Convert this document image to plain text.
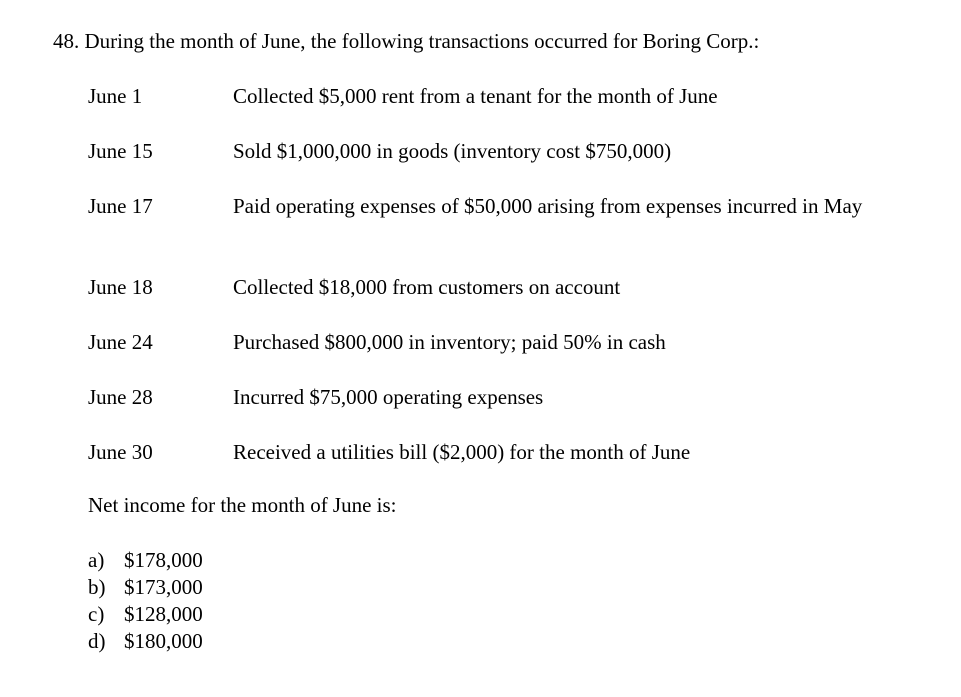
48. During the month of June, the following transactions occurred for Boring Corp.:
June 1	Collected $5,000 rent from a tenant for the month of June
June 15	Sold $1,000,000 in goods (inventory cost $750,000)
June 17	Paid operating expenses of $50,000 arising from expenses incurred in May
June 18	Collected $18,000 from customers on account
June 24	Purchased $800,000 in inventory; paid 50% in cash
June 28	Incurred $75,000 operating expenses
June 30	Received a utilities bill ($2,000) for the month of June
Net income for the month of June is:
a) $178,000
b) $173,000
c) $128,000
d) $180,000
